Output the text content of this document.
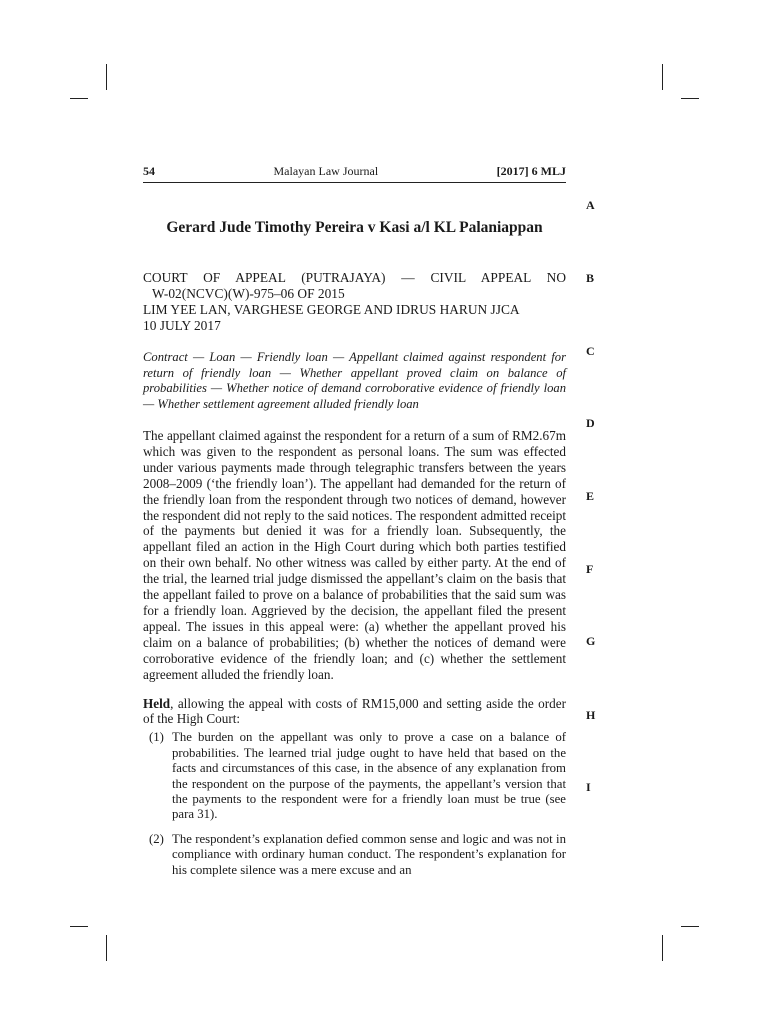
54	Malayan Law Journal	[2017] 6 MLJ
Gerard Jude Timothy Pereira v Kasi a/l KL Palaniappan
COURT OF APPEAL (PUTRAJAYA) — CIVIL APPEAL NO
W-02(NCVC)(W)-975–06 OF 2015
LIM YEE LAN, VARGHESE GEORGE AND IDRUS HARUN JJCA
10 JULY 2017
Contract — Loan — Friendly loan — Appellant claimed against respondent for return of friendly loan — Whether appellant proved claim on balance of probabilities — Whether notice of demand corroborative evidence of friendly loan — Whether settlement agreement alluded friendly loan
The appellant claimed against the respondent for a return of a sum of RM2.67m which was given to the respondent as personal loans. The sum was effected under various payments made through telegraphic transfers between the years 2008–2009 (‘the friendly loan’). The appellant had demanded for the return of the friendly loan from the respondent through two notices of demand, however the respondent did not reply to the said notices. The respondent admitted receipt of the payments but denied it was for a friendly loan. Subsequently, the appellant filed an action in the High Court during which both parties testified on their own behalf. No other witness was called by either party. At the end of the trial, the learned trial judge dismissed the appellant’s claim on the basis that the appellant failed to prove on a balance of probabilities that the said sum was for a friendly loan. Aggrieved by the decision, the appellant filed the present appeal. The issues in this appeal were: (a) whether the appellant proved his claim on a balance of probabilities; (b) whether the notices of demand were corroborative evidence of the friendly loan; and (c) whether the settlement agreement alluded the friendly loan.
Held, allowing the appeal with costs of RM15,000 and setting aside the order of the High Court:
(1) The burden on the appellant was only to prove a case on a balance of probabilities. The learned trial judge ought to have held that based on the facts and circumstances of this case, in the absence of any explanation from the respondent on the purpose of the payments, the appellant’s version that the payments to the respondent were for a friendly loan must be true (see para 31).
(2) The respondent’s explanation defied common sense and logic and was not in compliance with ordinary human conduct. The respondent’s explanation for his complete silence was a mere excuse and an
A
B
C
D
E
F
G
H
I
